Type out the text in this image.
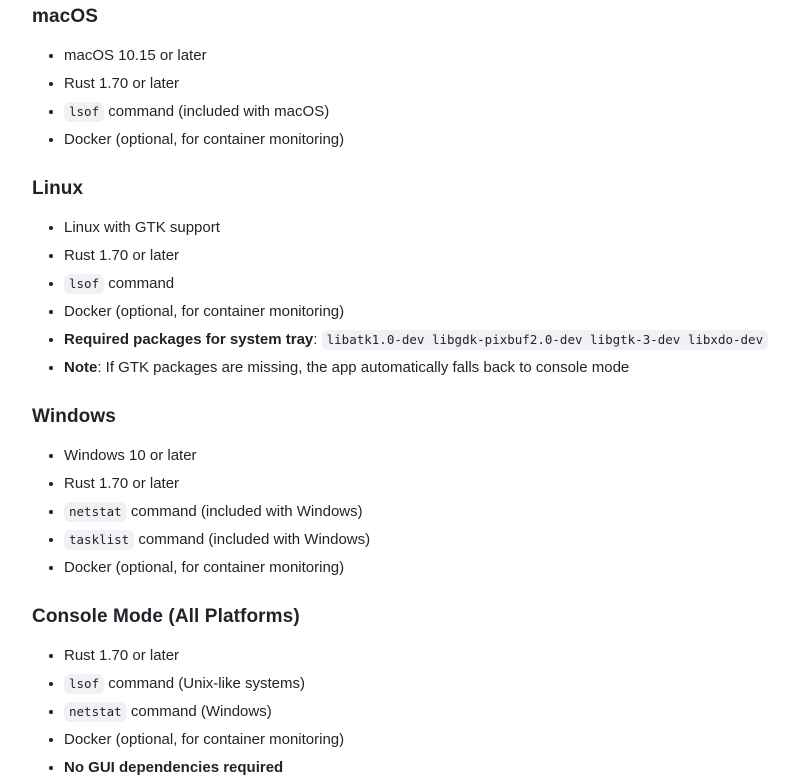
macOS
• macOS 10.15 or later
• Rust 1.70 or later
• lsof command (included with macOS)
• Docker (optional, for container monitoring)
Linux
• Linux with GTK support
• Rust 1.70 or later
• lsof command
• Docker (optional, for container monitoring)
• Required packages for system tray: libatk1.0-dev libgdk-pixbuf2.0-dev libgtk-3-dev libxdo-dev
• Note: If GTK packages are missing, the app automatically falls back to console mode
Windows
• Windows 10 or later
• Rust 1.70 or later
• netstat command (included with Windows)
• tasklist command (included with Windows)
• Docker (optional, for container monitoring)
Console Mode (All Platforms)
• Rust 1.70 or later
• lsof command (Unix-like systems)
• netstat command (Windows)
• Docker (optional, for container monitoring)
• No GUI dependencies required
